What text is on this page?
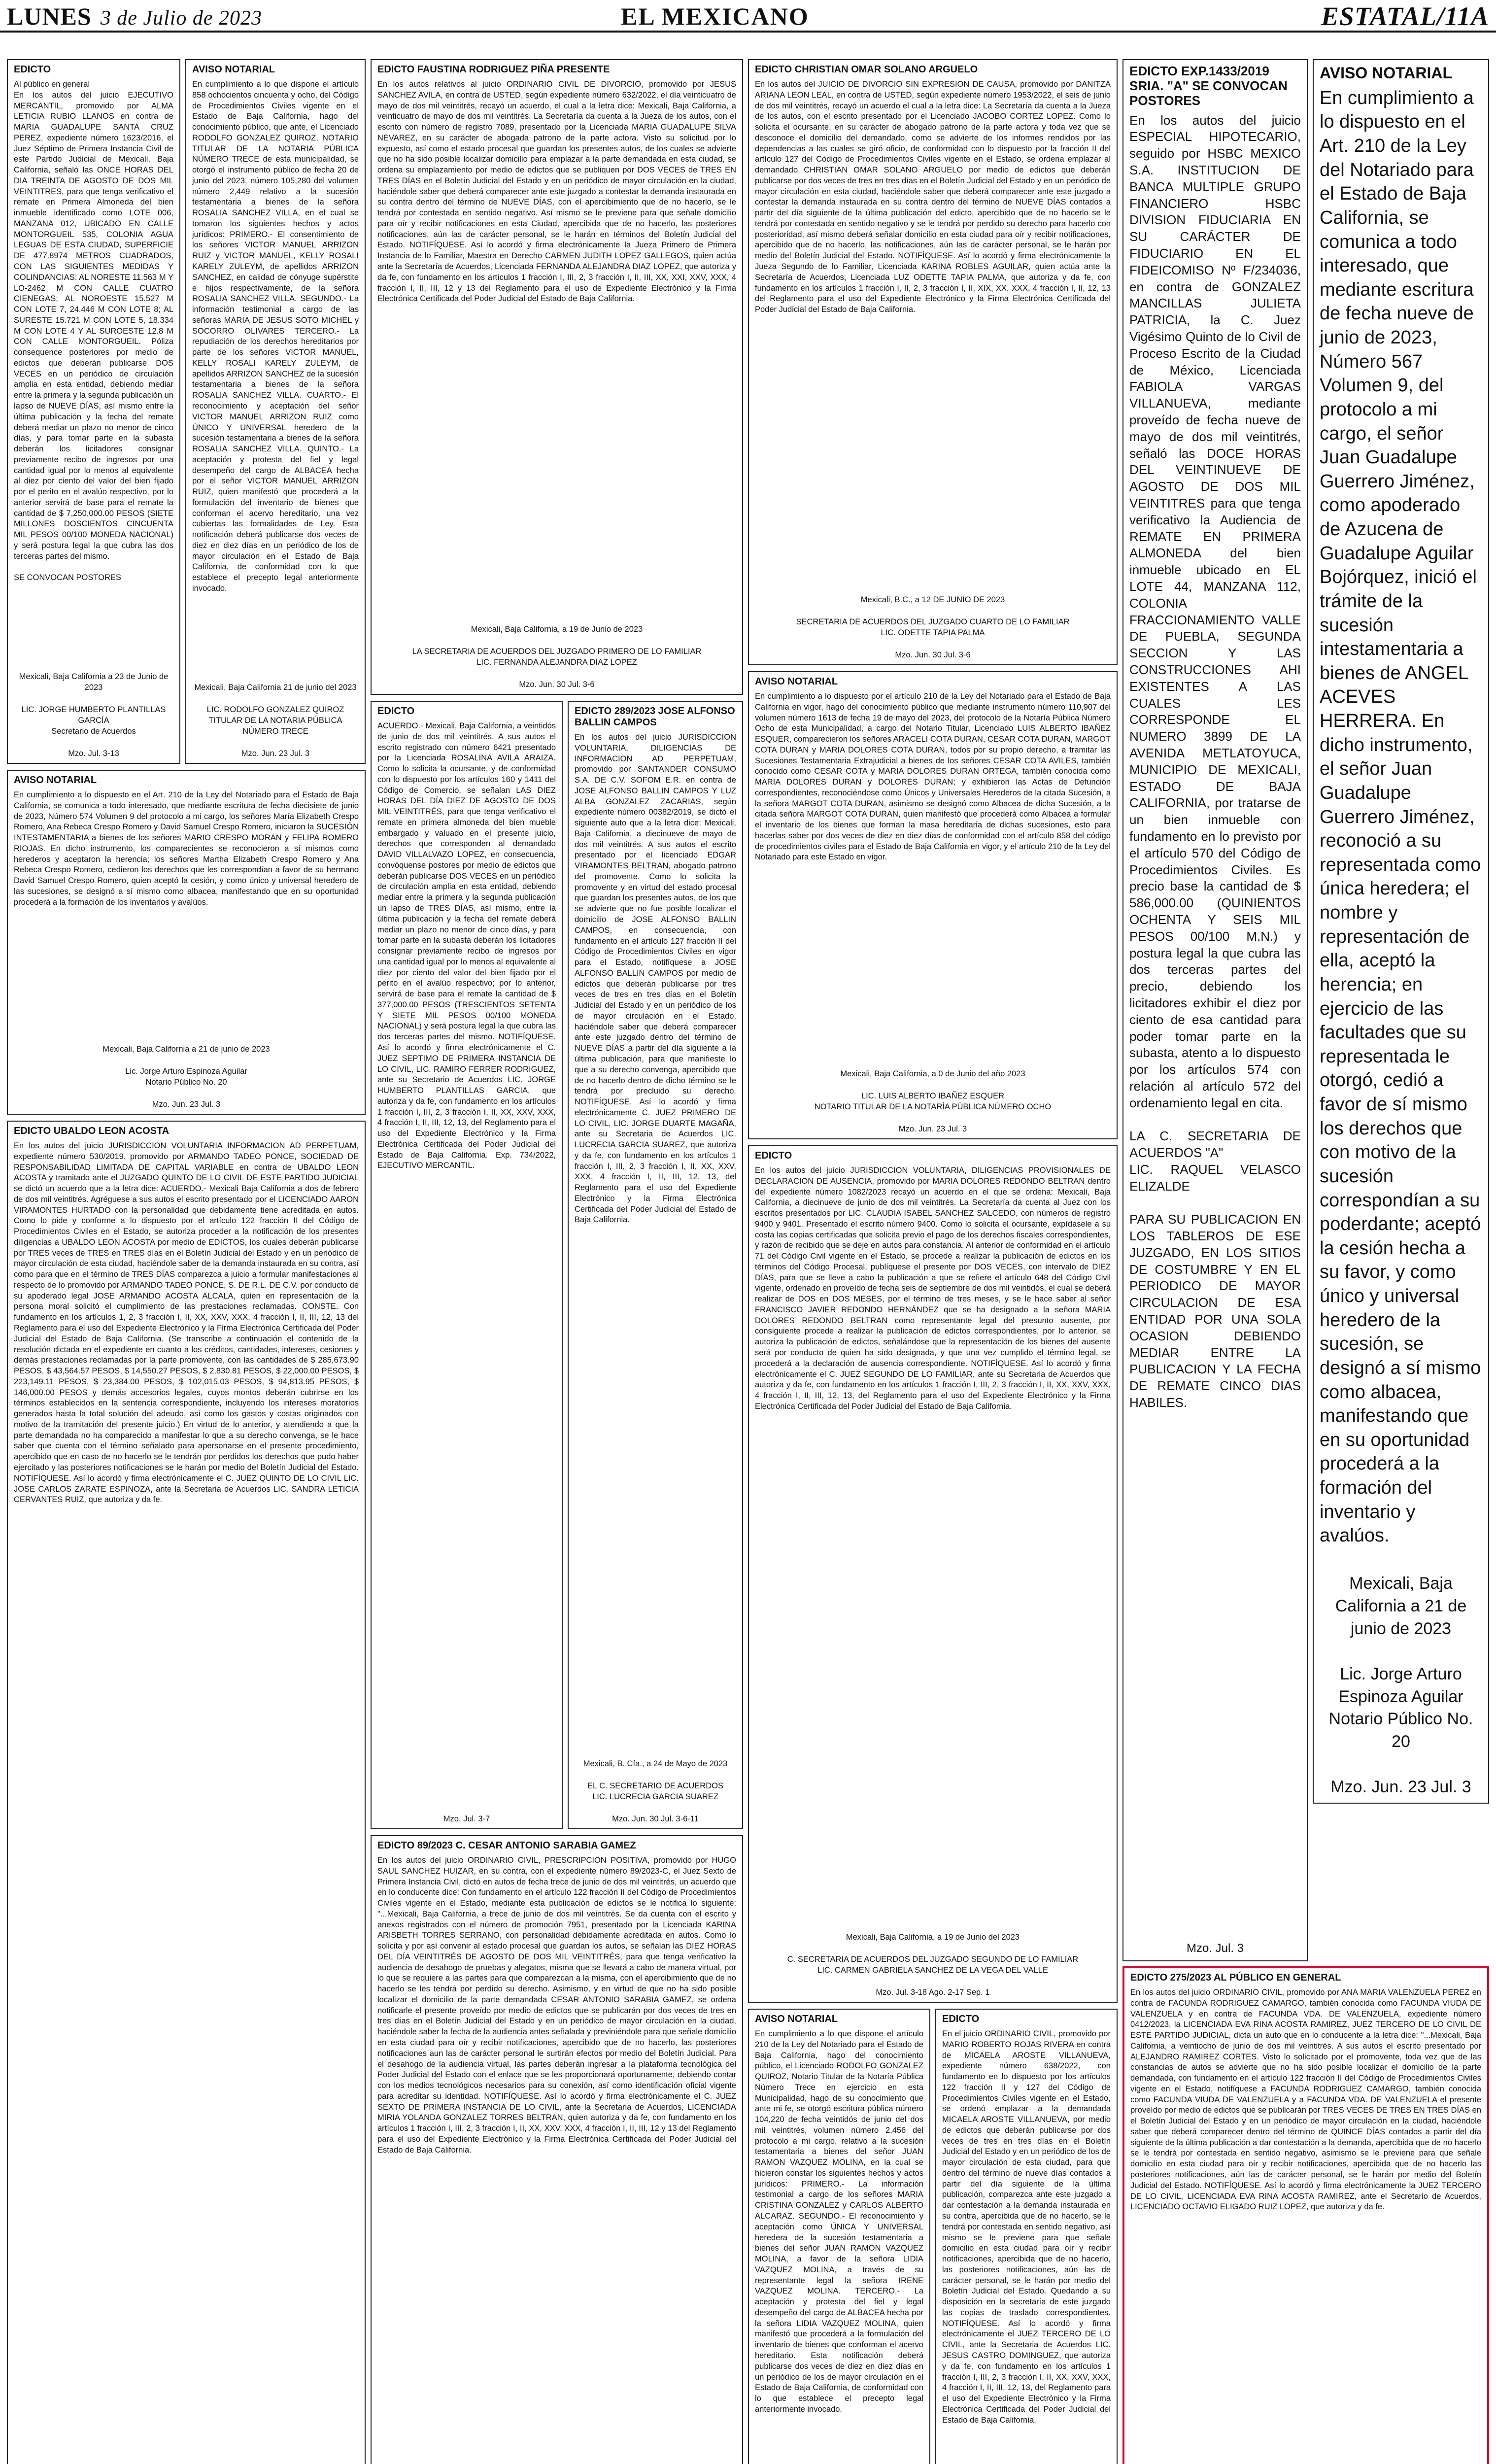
LUNES 3 de Julio de 2023	EL MEXICANO	ESTATAL/11A
EDICTO
Al público en general
En los autos del juicio EJECUTIVO MERCANTIL, promovido por ALMA LETICIA RUBIO LLANOS en contra de MARIA GUADALUPE SANTA CRUZ PEREZ, expediente número 1623/2016, el Juez Séptimo de Primera Instancia Civil de este Partido Judicial de Mexicali, Baja California, señaló las ONCE HORAS DEL DIA TREINTA DE AGOSTO DE DOS MIL VEINTITRES, para que tenga verificativo el remate en Primera Almoneda del bien inmueble identificado como LOTE 006, MANZANA 012, UBICADO EN CALLE MONTORGUEIL 535, COLONIA AGUA LEGUAS DE ESTA CIUDAD, SUPERFICIE DE 477.8974 METROS CUADRADOS, CON LAS SIGUIENTES MEDIDAS Y COLINDANCIAS: AL NORESTE 11.563 M Y LO-2462 M CON CALLE CUATRO CIENEGAS; AL NOROESTE 15.527 M CON LOTE 7, 24.446 M CON LOTE 8; AL SURESTE 15.721 M CON LOTE 5, 18.334 M CON LOTE 4 Y AL SUROESTE 12.8 M CON CALLE MONTORGUEIL. Póliza consequence posteriores por medio de edictos que deberán publicarse DOS VECES en un periódico de circulación amplia en esta entidad, debiendo mediar entre la primera y la segunda publicación un lapso de NUEVE DÍAS, así mismo entre la última publicación y la fecha del remate deberá mediar un plazo no menor de cinco días, y para tomar parte en la subasta deberán los licitadores consignar previamente recibo de ingresos por una cantidad igual por lo menos al equivalente al diez por ciento del valor del bien fijado por el perito en el avalúo respectivo, por lo anterior servirá de base para el remate la cantidad de $ 7,250,000.00 PESOS (SIETE MILLONES DOSCIENTOS CINCUENTA MIL PESOS 00/100 MONEDA NACIONAL) y será postura legal la que cubra las dos terceras partes del mismo.

SE CONVOCAN POSTORES
Mexicali, Baja California a 23 de Junio de 2023

LIC. JORGE HUMBERTO PLANTILLAS GARCÍA
Secretario de Acuerdos

Mzo. Jul. 3-13
AVISO NOTARIAL
En cumplimiento a lo que dispone el artículo 858 ochocientos cincuenta y ocho, del Código de Procedimientos Civiles vigente en el Estado de Baja California, hago del conocimiento público, que ante, el Licenciado RODOLFO GONZALEZ QUIROZ, NOTARIO TITULAR DE LA NOTARIA PÚBLICA NÚMERO TRECE de esta municipalidad, se otorgó el instrumento público de fecha 20 de junio del 2023, número 105,280 del volumen número 2,449 relativo a la sucesión testamentaria a bienes de la señora ROSALIA SANCHEZ VILLA, en el cual se tomaron los siguientes hechos y actos jurídicos: PRIMERO.- El consentimiento de los señores VICTOR MANUEL ARRIZON RUIZ y VICTOR MANUEL, KELLY ROSALI KARELY ZULEYM, de apellidos ARRIZON SANCHEZ, en calidad de cónyuge supérstite e hijos respectivamente, de la señora ROSALIA SANCHEZ VILLA. SEGUNDO.- La información testimonial a cargo de las señoras MARIA DE JESUS SOTO MICHEL y SOCORRO OLIVARES TERCERO.- La repudiación de los derechos hereditarios por parte de los señores VICTOR MANUEL, KELLY ROSALI KARELY ZULEYM, de apellidos ARRIZON SANCHEZ de la sucesión testamentaria a bienes de la señora ROSALIA SANCHEZ VILLA. CUARTO.- El reconocimiento y aceptación del señor VICTOR MANUEL ARRIZON RUIZ como ÚNICO Y UNIVERSAL heredero de la sucesión testamentaria a bienes de la señora ROSALIA SANCHEZ VILLA. QUINTO.- La aceptación y protesta del fiel y legal desempeño del cargo de ALBACEA hecha por el señor VICTOR MANUEL ARRIZON RUIZ, quien manifestó que procederá a la formulación del inventario de bienes que conforman el acervo hereditario, una vez cubiertas las formalidades de Ley. Esta notificación deberá publicarse dos veces de diez en diez días en un periódico de los de mayor circulación en el Estado de Baja California, de conformidad con lo que establece el precepto legal anteriormente invocado.
Mexicali, Baja California 21 de junio del 2023

LIC. RODOLFO GONZALEZ QUIROZ
TITULAR DE LA NOTARIA PÚBLICA NÚMERO TRECE

Mzo. Jun. 23 Jul. 3
EDICTO FAUSTINA RODRIGUEZ PIÑA PRESENTE
En los autos relativos al juicio ORDINARIO CIVIL DE DIVORCIO, promovido por JESUS SANCHEZ AVILA, en contra de USTED, según expediente número 632/2022, el día veinticuatro de mayo de dos mil veintitrés, recayó un acuerdo, el cual a la letra dice: Mexicali, Baja California, a veinticuatro de mayo de dos mil veintitrés. La Secretaría da cuenta a la Jueza de los autos, con el escrito con número de registro 7089, presentado por la Licenciada MARIA GUADALUPE SILVA NEVAREZ, en su carácter de abogada patrono de la parte actora. Visto su solicitud por lo expuesto, así como el estado procesal que guardan los presentes autos, de los cuales se advierte que no ha sido posible localizar domicilio para emplazar a la parte demandada en esta ciudad, se ordena su emplazamiento por medio de edictos que se publiquen por DOS VECES de TRES EN TRES DÍAS en el Boletín Judicial del Estado y en un periódico de mayor circulación en la ciudad, haciéndole saber que deberá comparecer ante este juzgado a contestar la demanda instaurada en su contra dentro del término de NUEVE DÍAS, con el apercibimiento que de no hacerlo, se le tendrá por contestada en sentido negativo. Así mismo se le previene para que señale domicilio para oír y recibir notificaciones en esta Ciudad, apercibida que de no hacerlo, las posteriores notificaciones, aún las de carácter personal, se le harán en términos del Boletín Judicial del Estado. NOTIFÍQUESE. Así lo acordó y firma electrónicamente la Jueza Primero de Primera Instancia de lo Familiar, Maestra en Derecho CARMEN JUDITH LOPEZ GALLEGOS, quien actúa ante la Secretaría de Acuerdos, Licenciada FERNANDA ALEJANDRA DIAZ LOPEZ, que autoriza y da fe, con fundamento en los artículos 1 fracción I, III, 2, 3 fracción I, II, III, XX, XXI, XXV, XXX, 4 fracción I, II, III, 12 y 13 del Reglamento para el uso de Expediente Electrónico y la Firma Electrónica Certificada del Poder Judicial del Estado de Baja California.
Mexicali, Baja California, a 19 de Junio de 2023

LA SECRETARIA DE ACUERDOS DEL JUZGADO PRIMERO DE LO FAMILIAR
LIC. FERNANDA ALEJANDRA DIAZ LOPEZ

Mzo. Jun. 30 Jul. 3-6
EDICTO CHRISTIAN OMAR SOLANO ARGUELO
En los autos del JUICIO DE DIVORCIO SIN EXPRESION DE CAUSA, promovido por DANITZA ARIANA LEON LEAL, en contra de USTED, según expediente número 1953/2022, el seis de junio de dos mil veintitrés, recayó un acuerdo el cual a la letra dice: La Secretaría da cuenta a la Jueza de los autos, con el escrito presentado por el Licenciado JACOBO CORTEZ LOPEZ. Como lo solicita el ocursante, en su carácter de abogado patrono de la parte actora y toda vez que se desconoce el domicilio del demandado, como se advierte de los informes rendidos por las dependencias a las cuales se giró oficio, de conformidad con lo dispuesto por la fracción II del artículo 127 del Código de Procedimientos Civiles vigente en el Estado, se ordena emplazar al demandado CHRISTIAN OMAR SOLANO ARGUELO por medio de edictos que deberán publicarse por dos veces de tres en tres días en el Boletín Judicial del Estado y en un periódico de mayor circulación en esta ciudad, haciéndole saber que deberá comparecer ante este juzgado a contestar la demanda instaurada en su contra dentro del término de NUEVE DÍAS contados a partir del día siguiente de la última publicación del edicto, apercibido que de no hacerlo se le tendrá por contestada en sentido negativo y se le tendrá por perdido su derecho para hacerlo con posterioridad, así mismo deberá señalar domicilio en esta ciudad para oír y recibir notificaciones, apercibido que de no hacerlo, las notificaciones, aún las de carácter personal, se le harán por medio del Boletín Judicial del Estado. NOTIFÍQUESE. Así lo acordó y firma electrónicamente la Jueza Segundo de lo Familiar, Licenciada KARINA ROBLES AGUILAR, quien actúa ante la Secretaría de Acuerdos, Licenciada LUZ ODETTE TAPIA PALMA, que autoriza y da fe, con fundamento en los artículos 1 fracción I, II, 2, 3 fracción I, II, XIX, XX, XXX, 4 fracción I, II, 12, 13 del Reglamento para el uso del Expediente Electrónico y la Firma Electrónica Certificada del Poder Judicial del Estado de Baja California.
Mexicali, B.C., a 12 DE JUNIO DE 2023

SECRETARIA DE ACUERDOS DEL JUZGADO CUARTO DE LO FAMILIAR
LIC. ODETTE TAPIA PALMA

Mzo. Jun. 30 Jul. 3-6
EDICTO EXP.1433/2019 SRIA. "A" SE CONVOCAN POSTORES
En los autos del juicio ESPECIAL HIPOTECARIO, seguido por HSBC MEXICO S.A. INSTITUCION DE BANCA MULTIPLE GRUPO FINANCIERO HSBC DIVISION FIDUCIARIA EN SU CARÁCTER DE FIDUCIARIO EN EL FIDEICOMISO Nº F/234036, en contra de GONZALEZ MANCILLAS JULIETA PATRICIA, la C. Juez Vigésimo Quinto de lo Civil de Proceso Escrito de la Ciudad de México, Licenciada FABIOLA VARGAS VILLANUEVA, mediante proveído de fecha nueve de mayo de dos mil veintitrés, señaló las DOCE HORAS DEL VEINTINUEVE DE AGOSTO DE DOS MIL VEINTITRES para que tenga verificativo la Audiencia de REMATE EN PRIMERA ALMONEDA del bien inmueble ubicado en EL LOTE 44, MANZANA 112, COLONIA FRACCIONAMIENTO VALLE DE PUEBLA, SEGUNDA SECCION Y LAS CONSTRUCCIONES AHI EXISTENTES A LAS CUALES LES CORRESPONDE EL NUMERO 3899 DE LA AVENIDA METLATOYUCA, MUNICIPIO DE MEXICALI, ESTADO DE BAJA CALIFORNIA, por tratarse de un bien inmueble con fundamento en lo previsto por el artículo 570 del Código de Procedimientos Civiles. Es precio base la cantidad de $ 586,000.00 (QUINIENTOS OCHENTA Y SEIS MIL PESOS 00/100 M.N.) y postura legal la que cubra las dos terceras partes del precio, debiendo los licitadores exhibir el diez por ciento de esa cantidad para poder tomar parte en la subasta, atento a lo dispuesto por los artículos 574 con relación al artículo 572 del ordenamiento legal en cita.

LA C. SECRETARIA DE ACUERDOS "A"
LIC. RAQUEL VELASCO ELIZALDE

PARA SU PUBLICACION EN LOS TABLEROS DE ESE JUZGADO, EN LOS SITIOS DE COSTUMBRE Y EN EL PERIODICO DE MAYOR CIRCULACION DE ESA ENTIDAD POR UNA SOLA OCASION DEBIENDO MEDIAR ENTRE LA PUBLICACION Y LA FECHA DE REMATE CINCO DIAS HABILES.
Mzo. Jul. 3
AVISO NOTARIAL
En cumplimiento a lo dispuesto en el Art. 210 de la Ley del Notariado para el Estado de Baja California, se comunica a todo interesado, que mediante escritura de fecha nueve de junio de 2023, Número 567 Volumen 9, del protocolo a mi cargo, el señor Juan Guadalupe Guerrero Jiménez, como apoderado de Azucena de Guadalupe Aguilar Bojórquez, inició el trámite de la sucesión intestamentaria a bienes de ANGEL ACEVES HERRERA. En dicho instrumento, el señor Juan Guadalupe Guerrero Jiménez, reconoció a su representada como única heredera; el nombre y representación de ella, aceptó la herencia; en ejercicio de las facultades que su representada le otorgó, cedió a favor de sí mismo los derechos que con motivo de la sucesión correspondían a su poderdante; aceptó la cesión hecha a su favor, y como único y universal heredero de la sucesión, se designó a sí mismo como albacea, manifestando que en su oportunidad procederá a la formación del inventario y avalúos.
Mexicali, Baja California a 21 de junio de 2023

Lic. Jorge Arturo Espinoza Aguilar
Notario Público No. 20

Mzo. Jun. 23 Jul. 3
AVISO NOTARIAL
En cumplimiento a lo dispuesto en el Art. 210 de la Ley del Notariado para el Estado de Baja California, se comunica a todo interesado, que mediante escritura de fecha diecisiete de junio de 2023, Número 574 Volumen 9 del protocolo a mi cargo, los señores María Elizabeth Crespo Romero, Ana Rebeca Crespo Romero y David Samuel Crespo Romero, iniciaron la SUCESIÓN INTESTAMENTARIA a bienes de los señores MARIO CRESPO MORAN y FELIPA ROMERO RIOJAS. En dicho instrumento, los comparecientes se reconocieron a sí mismos como herederos y aceptaron la herencia; los señores Martha Elizabeth Crespo Romero y Ana Rebeca Crespo Romero, cedieron los derechos que les correspondían a favor de su hermano David Samuel Crespo Romero, quien aceptó la cesión, y como único y universal heredero de las sucesiones, se designó a sí mismo como albacea, manifestando que en su oportunidad procederá a la formación de los inventarios y avalúos.
Mexicali, Baja California a 21 de junio de 2023

Lic. Jorge Arturo Espinoza Aguilar
Notario Público No. 20

Mzo. Jun. 23 Jul. 3
EDICTO
ACUERDO.- Mexicali, Baja California, a veintidós de junio de dos mil veintitrés. A sus autos el escrito registrado con número 6421 presentado por la Licenciada ROSALINA AVILA ARAIZA. Como lo solicita la ocursante, y de conformidad con lo dispuesto por los artículos 160 y 1411 del Código de Comercio, se señalan LAS DIEZ HORAS DEL DÍA DIEZ DE AGOSTO DE DOS MIL VEINTITRÉS, para que tenga verificativo el remate en primera almoneda del bien mueble embargado y valuado en el presente juicio, derechos que corresponden al demandado DAVID VILLALVAZO LOPEZ, en consecuencia, convóquense postores por medio de edictos que deberán publicarse DOS VECES en un periódico de circulación amplia en esta entidad, debiendo mediar entre la primera y la segunda publicación un lapso de TRES DÍAS, así mismo, entre la última publicación y la fecha del remate deberá mediar un plazo no menor de cinco días, y para tomar parte en la subasta deberán los licitadores consignar previamente recibo de ingresos por una cantidad igual por lo menos al equivalente al diez por ciento del valor del bien fijado por el perito en el avalúo respectivo; por lo anterior, servirá de base para el remate la cantidad de $ 377,000.00 PESOS (TRESCIENTOS SETENTA Y SIETE MIL PESOS 00/100 MONEDA NACIONAL) y será postura legal la que cubra las dos terceras partes del mismo. NOTIFÍQUESE. Así lo acordó y firma electrónicamente el C. JUEZ SEPTIMO DE PRIMERA INSTANCIA DE LO CIVIL, LIC. RAMIRO FERRER RODRIGUEZ, ante su Secretario de Acuerdos LIC. JORGE HUMBERTO PLANTILLAS GARCIA, que autoriza y da fe, con fundamento en los artículos 1 fracción I, III, 2, 3 fracción I, II, XX, XXV, XXX, 4 fracción I, II, III, 12, 13, del Reglamento para el uso del Expediente Electrónico y la Firma Electrónica Certificada del Poder Judicial del Estado de Baja California. Exp. 734/2022, EJECUTIVO MERCANTIL.
Mzo. Jul. 3-7
EDICTO 289/2023 JOSE ALFONSO BALLIN CAMPOS
En los autos del juicio JURISDICCION VOLUNTARIA, DILIGENCIAS DE INFORMACION AD PERPETUAM, promovido por SANTANDER CONSUMO S.A. DE C.V. SOFOM E.R. en contra de JOSE ALFONSO BALLIN CAMPOS Y LUZ ALBA GONZALEZ ZACARIAS, según expediente número 00382/2019, se dictó el siguiente auto que a la letra dice: Mexicali, Baja California, a diecinueve de mayo de dos mil veintitrés. A sus autos el escrito presentado por el licenciado EDGAR VIRAMONTES BELTRAN, abogado patrono del promovente. Como lo solicita la promovente y en virtud del estado procesal que guardan los presentes autos, de los que se advierte que no fue posible localizar el domicilio de JOSE ALFONSO BALLIN CAMPOS, en consecuencia, con fundamento en el artículo 127 fracción II del Código de Procedimientos Civiles en vigor para el Estado, notifíquese a JOSE ALFONSO BALLIN CAMPOS por medio de edictos que deberán publicarse por tres veces de tres en tres días en el Boletín Judicial del Estado y en un periódico de los de mayor circulación en el Estado, haciéndole saber que deberá comparecer ante este juzgado dentro del término de NUEVE DÍAS a partir del día siguiente a la última publicación, para que manifieste lo que a su derecho convenga, apercibido que de no hacerlo dentro de dicho término se le tendrá por precluido su derecho. NOTIFÍQUESE. Así lo acordó y firma electrónicamente C. JUEZ PRIMERO DE LO CIVIL, LIC. JORGE DUARTE MAGAÑA, ante su Secretaria de Acuerdos LIC. LUCRECIA GARCIA SUAREZ, que autoriza y da fe, con fundamento en los artículos 1 fracción I, III, 2, 3 fracción I, II, XX, XXV, XXX, 4 fracción I, II, III, 12, 13, del Reglamento para el uso del Expediente Electrónico y la Firma Electrónica Certificada del Poder Judicial del Estado de Baja California.
Mexicali, B. Cfa., a 24 de Mayo de 2023

EL C. SECRETARIO DE ACUERDOS
LIC. LUCRECIA GARCIA SUAREZ

Mzo. Jun. 30 Jul. 3-6-11
AVISO NOTARIAL
En cumplimiento a lo dispuesto por el artículo 210 de la Ley del Notariado para el Estado de Baja California en vigor, hago del conocimiento público que mediante instrumento número 110,907 del volumen número 1613 de fecha 19 de mayo del 2023, del protocolo de la Notaría Pública Número Ocho de esta Municipalidad, a cargo del Notario Titular, Licenciado LUIS ALBERTO IBAÑEZ ESQUER, comparecieron los señores ARACELI COTA DURAN, CESAR COTA DURAN, MARGOT COTA DURAN y MARIA DOLORES COTA DURAN, todos por su propio derecho, a tramitar las Sucesiones Testamentaria Extrajudicial a bienes de los señores CESAR COTA AVILES, también conocido como CESAR COTA y MARIA DOLORES DURAN ORTEGA, también conocida como MARIA DOLORES DURAN y DOLORES DURAN; y exhibieron las Actas de Defunción correspondientes, reconociéndose como Únicos y Universales Herederos de la citada Sucesión, a la señora MARGOT COTA DURAN, asimismo se designó como Albacea de dicha Sucesión, a la citada señora MARGOT COTA DURAN, quien manifestó que procederá como Albacea a formular el inventario de los bienes que forman la masa hereditaria de dichas sucesiones, esto para hacerlas saber por dos veces de diez en diez días de conformidad con el artículo 858 del código de procedimientos civiles para el Estado de Baja California en vigor, y el artículo 210 de la Ley del Notariado para este Estado en vigor.
Mexicali, Baja California, a 0 de Junio del año 2023

LIC. LUIS ALBERTO IBAÑEZ ESQUER
NOTARIO TITULAR DE LA NOTARÍA PÚBLICA NÚMERO OCHO

Mzo. Jun. 23 Jul. 3
EDICTO UBALDO LEON ACOSTA
En los autos del juicio JURISDICCION VOLUNTARIA INFORMACION AD PERPETUAM, expediente número 530/2019, promovido por ARMANDO TADEO PONCE, SOCIEDAD DE RESPONSABILIDAD LIMITADA DE CAPITAL VARIABLE en contra de UBALDO LEON ACOSTA y tramitado ante el JUZGADO QUINTO DE LO CIVIL DE ESTE PARTIDO JUDICIAL se dictó un acuerdo que a la letra dice: ACUERDO.- Mexicali Baja California a dos de febrero de dos mil veintitrés. Agréguese a sus autos el escrito presentado por el LICENCIADO AARON VIRAMONTES HURTADO con la personalidad que debidamente tiene acreditada en autos. Como lo pide y conforme a lo dispuesto por el artículo 122 fracción II del Código de Procedimientos Civiles en el Estado, se autoriza proceder a la notificación de los presentes diligencias a UBALDO LEON ACOSTA por medio de EDICTOS, los cuales deberán publicarse por TRES veces de TRES en TRES días en el Boletín Judicial del Estado y en un periódico de mayor circulación de esta ciudad, haciéndole saber de la demanda instaurada en su contra, así como para que en el término de TRES DÍAS comparezca a juicio a formular manifestaciones al respecto de lo promovido por ARMANDO TADEO PONCE, S. DE R.L. DE C.V. por conducto de su apoderado legal JOSE ARMANDO ACOSTA ALCALA, quien en representación de la persona moral solicitó el cumplimiento de las prestaciones reclamadas. CONSTE. Con fundamento en los artículos 1, 2, 3 fracción I, II, XX, XXV, XXX, 4 fracción I, II, III, 12, 13 del Reglamento para el uso del Expediente Electrónico y la Firma Electrónica Certificada del Poder Judicial del Estado de Baja California. (Se transcribe a continuación el contenido de la resolución dictada en el expediente en cuanto a los créditos, cantidades, intereses, cesiones y demás prestaciones reclamadas por la parte promovente, con las cantidades de $ 285,673.90 PESOS, $ 43,564.57 PESOS, $ 14,550.27 PESOS, $ 2,830.81 PESOS, $ 22,000.00 PESOS, $ 223,149.11 PESOS, $ 23,384.00 PESOS, $ 102,015.03 PESOS, $ 94,813.95 PESOS, $ 146,000.00 PESOS y demás accesorios legales, cuyos montos deberán cubrirse en los términos establecidos en la sentencia correspondiente, incluyendo los intereses moratorios generados hasta la total solución del adeudo, así como los gastos y costas originados con motivo de la tramitación del presente juicio.) En virtud de lo anterior, y atendiendo a que la parte demandada no ha comparecido a manifestar lo que a su derecho convenga, se le hace saber que cuenta con el término señalado para apersonarse en el presente procedimiento, apercibido que en caso de no hacerlo se le tendrán por perdidos los derechos que pudo haber ejercitado y las posteriores notificaciones se le harán por medio del Boletín Judicial del Estado. NOTIFÍQUESE. Así lo acordó y firma electrónicamente el C. JUEZ QUINTO DE LO CIVIL LIC. JOSE CARLOS ZARATE ESPINOZA, ante la Secretaria de Acuerdos LIC. SANDRA LETICIA CERVANTES RUIZ, que autoriza y da fe.
EDICTO 89/2023 C. CESAR ANTONIO SARABIA GAMEZ
En los autos del juicio ORDINARIO CIVIL, PRESCRIPCION POSITIVA, promovido por HUGO SAUL SANCHEZ HUIZAR, en su contra, con el expediente número 89/2023-C, el Juez Sexto de Primera Instancia Civil, dictó en autos de fecha trece de junio de dos mil veintitrés, un acuerdo que en lo conducente dice: Con fundamento en el artículo 122 fracción II del Código de Procedimientos Civiles vigente en el Estado, mediante esta publicación de edictos se le notifica lo siguiente: "...Mexicali, Baja California, a trece de junio de dos mil veintitrés. Se da cuenta con el escrito y anexos registrados con el número de promoción 7951, presentado por la Licenciada KARINA ARISBETH TORRES SERRANO, con personalidad debidamente acreditada en autos. Como lo solicita y por así convenir al estado procesal que guardan los autos, se señalan las DIEZ HORAS DEL DÍA VEINTITRÉS DE AGOSTO DE DOS MIL VEINTITRÉS, para que tenga verificativo la audiencia de desahogo de pruebas y alegatos, misma que se llevará a cabo de manera virtual, por lo que se requiere a las partes para que comparezcan a la misma, con el apercibimiento que de no hacerlo se les tendrá por perdido su derecho. Asimismo, y en virtud de que no ha sido posible localizar el domicilio de la parte demandada CESAR ANTONIO SARABIA GAMEZ, se ordena notificarle el presente proveído por medio de edictos que se publicarán por dos veces de tres en tres días en el Boletín Judicial del Estado y en un periódico de mayor circulación en la ciudad, haciéndole saber la fecha de la audiencia antes señalada y previniéndole para que señale domicilio en esta ciudad para oír y recibir notificaciones, apercibido que de no hacerlo, las posteriores notificaciones aun las de carácter personal le surtirán efectos por medio del Boletín Judicial. Para el desahogo de la audiencia virtual, las partes deberán ingresar a la plataforma tecnológica del Poder Judicial del Estado con el enlace que se les proporcionará oportunamente, debiendo contar con los medios tecnológicos necesarios para su conexión, así como identificación oficial vigente para acreditar su identidad. NOTIFÍQUESE. Así lo acordó y firma electrónicamente el C. JUEZ SEXTO DE PRIMERA INSTANCIA DE LO CIVIL, ante la Secretaria de Acuerdos, LICENCIADA MIRIA YOLANDA GONZALEZ TORRES BELTRAN, quien autoriza y da fe, con fundamento en los artículos 1 fracción I, III, 2, 3 fracción I, II, XX, XXV, XXX, 4 fracción I, II, III, 12 y 13 del Reglamento para el uso del Expediente Electrónico y la Firma Electrónica Certificada del Poder Judicial del Estado de Baja California.
EDICTO
En los autos del juicio JURISDICCION VOLUNTARIA, DILIGENCIAS PROVISIONALES DE DECLARACION DE AUSENCIA, promovido por MARIA DOLORES REDONDO BELTRAN dentro del expediente número 1082/2023 recayó un acuerdo en el que se ordena: Mexicali, Baja California, a diecinueve de junio de dos mil veintitrés. La Secretaría da cuenta al Juez con los escritos presentados por LIC. CLAUDIA ISABEL SANCHEZ SALCEDO, con números de registro 9400 y 9401. Presentado el escrito número 9400. Como lo solicita el ocursante, expídasele a su costa las copias certificadas que solicita previo el pago de los derechos fiscales correspondientes, y razón de recibido que se deje en autos para constancia. Al anterior de conformidad en el artículo 71 del Código Civil vigente en el Estado, se procede a realizar la publicación de edictos en los términos del Código Procesal, publíquese el presente por DOS VECES, con intervalo de DIEZ DÍAS, para que se lleve a cabo la publicación a que se refiere el artículo 648 del Código Civil vigente, ordenado en proveído de fecha seis de septiembre de dos mil veintidós, el cual se deberá realizar de DOS en DOS MESES, por el término de tres meses, y se le hace saber al señor FRANCISCO JAVIER REDONDO HERNÁNDEZ que se ha designado a la señora MARIA DOLORES REDONDO BELTRAN como representante legal del presunto ausente, por consiguiente procede a realizar la publicación de edictos correspondientes, por lo anterior, se autoriza la publicación de edictos, señalándose que la representación de los bienes del ausente será por conducto de quien ha sido designada, y que una vez cumplido el término legal, se procederá a la declaración de ausencia correspondiente. NOTIFÍQUESE. Así lo acordó y firma electrónicamente el C. JUEZ SEGUNDO DE LO FAMILIAR, ante su Secretaria de Acuerdos que autoriza y da fe, con fundamento en los artículos 1 fracción I, III, 2, 3 fracción I, II, XX, XXV, XXX, 4 fracción I, II, III, 12, 13, del Reglamento para el uso del Expediente Electrónico y la Firma Electrónica Certificada del Poder Judicial del Estado de Baja California.
Mexicali, Baja California, a 19 de Junio del 2023

C. SECRETARIA DE ACUERDOS DEL JUZGADO SEGUNDO DE LO FAMILIAR
LIC. CARMEN GABRIELA SANCHEZ DE LA VEGA DEL VALLE

Mzo. Jul. 3-18 Ago. 2-17 Sep. 1
AVISO NOTARIAL
En cumplimiento a lo que dispone el artículo 210 de la Ley del Notariado para el Estado de Baja California, hago del conocimiento público, el Licenciado RODOLFO GONZALEZ QUIROZ, Notario Titular de la Notaría Pública Número Trece en ejercicio en esta Municipalidad, hago de su conocimiento que ante mi fe, se otorgó escritura pública número 104,220 de fecha veintidós de junio del dos mil veintitrés, volumen número 2,456 del protocolo a mi cargo, relativo a la sucesión testamentaria a bienes del señor JUAN RAMON VAZQUEZ MOLINA, en la cual se hicieron constar los siguientes hechos y actos jurídicos: PRIMERO.- La información testimonial a cargo de los señores MARIA CRISTINA GONZALEZ y CARLOS ALBERTO ALCARAZ. SEGUNDO.- El reconocimiento y aceptación como ÚNICA Y UNIVERSAL heredera de la sucesión testamentaria a bienes del señor JUAN RAMON VAZQUEZ MOLINA, a favor de la señora LIDIA VAZQUEZ MOLINA, a través de su representante legal la señora IRENE VAZQUEZ MOLINA. TERCERO.- La aceptación y protesta del fiel y legal desempeño del cargo de ALBACEA hecha por la señora LIDIA VAZQUEZ MOLINA, quien manifestó que procederá a la formulación del inventario de bienes que conforman el acervo hereditario. Esta notificación deberá publicarse dos veces de diez en diez días en un periódico de los de mayor circulación en el Estado de Baja California, de conformidad con lo que establece el precepto legal anteriormente invocado.
EDICTO
En el juicio ORDINARIO CIVIL, promovido por MARIO ROBERTO ROJAS RIVERA en contra de MICAELA AROSTE VILLANUEVA, expediente número 638/2022, con fundamento en lo dispuesto por los artículos 122 fracción II y 127 del Código de Procedimientos Civiles vigente en el Estado, se ordenó emplazar a la demandada MICAELA AROSTE VILLANUEVA, por medio de edictos que deberán publicarse por dos veces de tres en tres días en el Boletín Judicial del Estado y en un periódico de los de mayor circulación de esta ciudad, para que dentro del término de nueve días contados a partir del día siguiente de la última publicación, comparezca ante este juzgado a dar contestación a la demanda instaurada en su contra, apercibida que de no hacerlo, se le tendrá por contestada en sentido negativo, así mismo se le previene para que señale domicilio en esta ciudad para oír y recibir notificaciones, apercibida que de no hacerlo, las posteriores notificaciones, aún las de carácter personal, se le harán por medio del Boletín Judicial del Estado. Quedando a su disposición en la secretaría de este juzgado las copias de traslado correspondientes. NOTIFÍQUESE. Así lo acordó y firma electrónicamente el JUEZ TERCERO DE LO CIVIL, ante la Secretaria de Acuerdos LIC. JESUS CASTRO DOMINGUEZ, que autoriza y da fe, con fundamento en los artículos 1 fracción I, III, 2, 3 fracción I, II, XX, XXV, XXX, 4 fracción I, II, III, 12, 13, del Reglamento para el uso del Expediente Electrónico y la Firma Electrónica Certificada del Poder Judicial del Estado de Baja California.
EDICTO 275/2023 AL PÚBLICO EN GENERAL
En los autos del juicio ORDINARIO CIVIL, promovido por ANA MARIA VALENZUELA PEREZ en contra de FACUNDA RODRIGUEZ CAMARGO, también conocida como FACUNDA VIUDA DE VALENZUELA y en contra de FACUNDA VDA. DE VALENZUELA, expediente número 0412/2023, la LICENCIADA EVA RINA ACOSTA RAMIREZ, JUEZ TERCERO DE LO CIVIL DE ESTE PARTIDO JUDICIAL, dicta un auto que en lo conducente a la letra dice: "...Mexicali, Baja California, a veintiocho de junio de dos mil veintitrés. A sus autos el escrito presentado por ALEJANDRO RAMIREZ CORTES. Visto lo solicitado por el promovente, toda vez que de las constancias de autos se advierte que no ha sido posible localizar el domicilio de la parte demandada, con fundamento en el artículo 122 fracción II del Código de Procedimientos Civiles vigente en el Estado, notifíquese a FACUNDA RODRIGUEZ CAMARGO, también conocida como FACUNDA VIUDA DE VALENZUELA y a FACUNDA VDA. DE VALENZUELA el presente proveído por medio de edictos que se publicarán por TRES VECES DE TRES EN TRES DÍAS en el Boletín Judicial del Estado y en un periódico de mayor circulación en la ciudad, haciéndole saber que deberá comparecer dentro del término de QUINCE DÍAS contados a partir del día siguiente de la última publicación a dar contestación a la demanda, apercibida que de no hacerlo se le tendrá por contestada en sentido negativo, asimismo se le previene para que señale domicilio en esta ciudad para oír y recibir notificaciones, apercibida que de no hacerlo las posteriores notificaciones, aún las de carácter personal, se le harán por medio del Boletín Judicial del Estado. NOTIFÍQUESE. Así lo acordó y firma electrónicamente la JUEZ TERCERO DE LO CIVIL, LICENCIADA EVA RINA ACOSTA RAMIREZ, ante el Secretario de Acuerdos, LICENCIADO OCTAVIO ELIGADO RUIZ LOPEZ, que autoriza y da fe.
